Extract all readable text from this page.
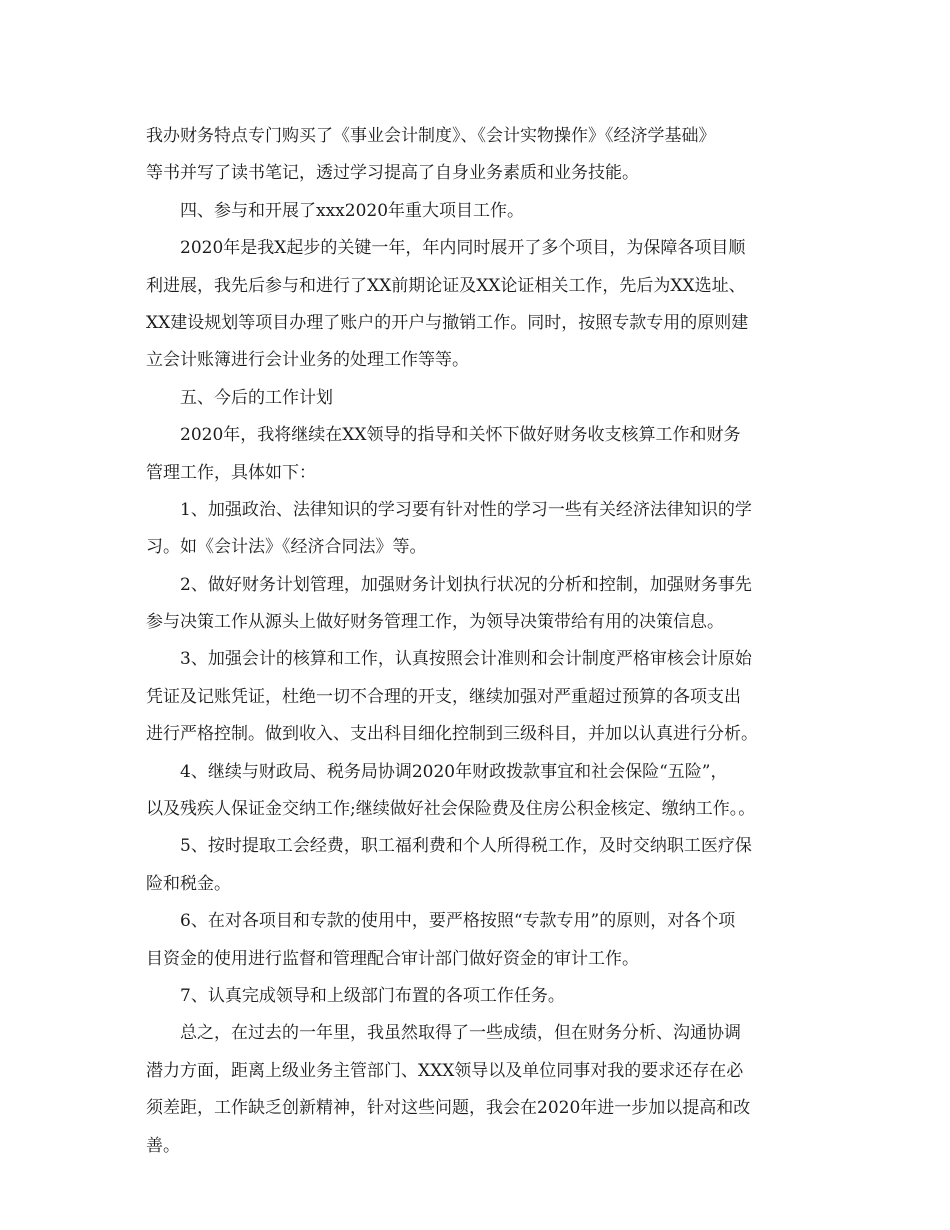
我办财务特点专门购买了《事业会计制度》、《会计实物操作》《经济学基础》
等书并写了读书笔记，透过学习提高了自身业务素质和业务技能。
四、参与和开展了xxx2020年重大项目工作。
2020年是我X起步的关键一年，年内同时展开了多个项目，为保障各项目顺
利进展，我先后参与和进行了XX前期论证及XX论证相关工作，先后为XX选址、
XX建设规划等项目办理了账户的开户与撤销工作。同时，按照专款专用的原则建
立会计账簿进行会计业务的处理工作等等。
五、今后的工作计划
2020年，我将继续在XX领导的指导和关怀下做好财务收支核算工作和财务
管理工作，具体如下：
1、加强政治、法律知识的学习要有针对性的学习一些有关经济法律知识的学
习。如《会计法》《经济合同法》等。
2、做好财务计划管理，加强财务计划执行状况的分析和控制，加强财务事先
参与决策工作从源头上做好财务管理工作，为领导决策带给有用的决策信息。
3、加强会计的核算和工作，认真按照会计准则和会计制度严格审核会计原始
凭证及记账凭证，杜绝一切不合理的开支，继续加强对严重超过预算的各项支出
进行严格控制。做到收入、支出科目细化控制到三级科目，并加以认真进行分析。
4、继续与财政局、税务局协调2020年财政拨款事宜和社会保险“五险”，
以及残疾人保证金交纳工作;继续做好社会保险费及住房公积金核定、缴纳工作。。
5、按时提取工会经费，职工福利费和个人所得税工作，及时交纳职工医疗保
险和税金。
6、在对各项目和专款的使用中，要严格按照“专款专用”的原则，对各个项
目资金的使用进行监督和管理配合审计部门做好资金的审计工作。
7、认真完成领导和上级部门布置的各项工作任务。
总之，在过去的一年里，我虽然取得了一些成绩，但在财务分析、沟通协调
潜力方面，距离上级业务主管部门、XXX领导以及单位同事对我的要求还存在必
须差距，工作缺乏创新精神，针对这些问题，我会在2020年进一步加以提高和改
善。
